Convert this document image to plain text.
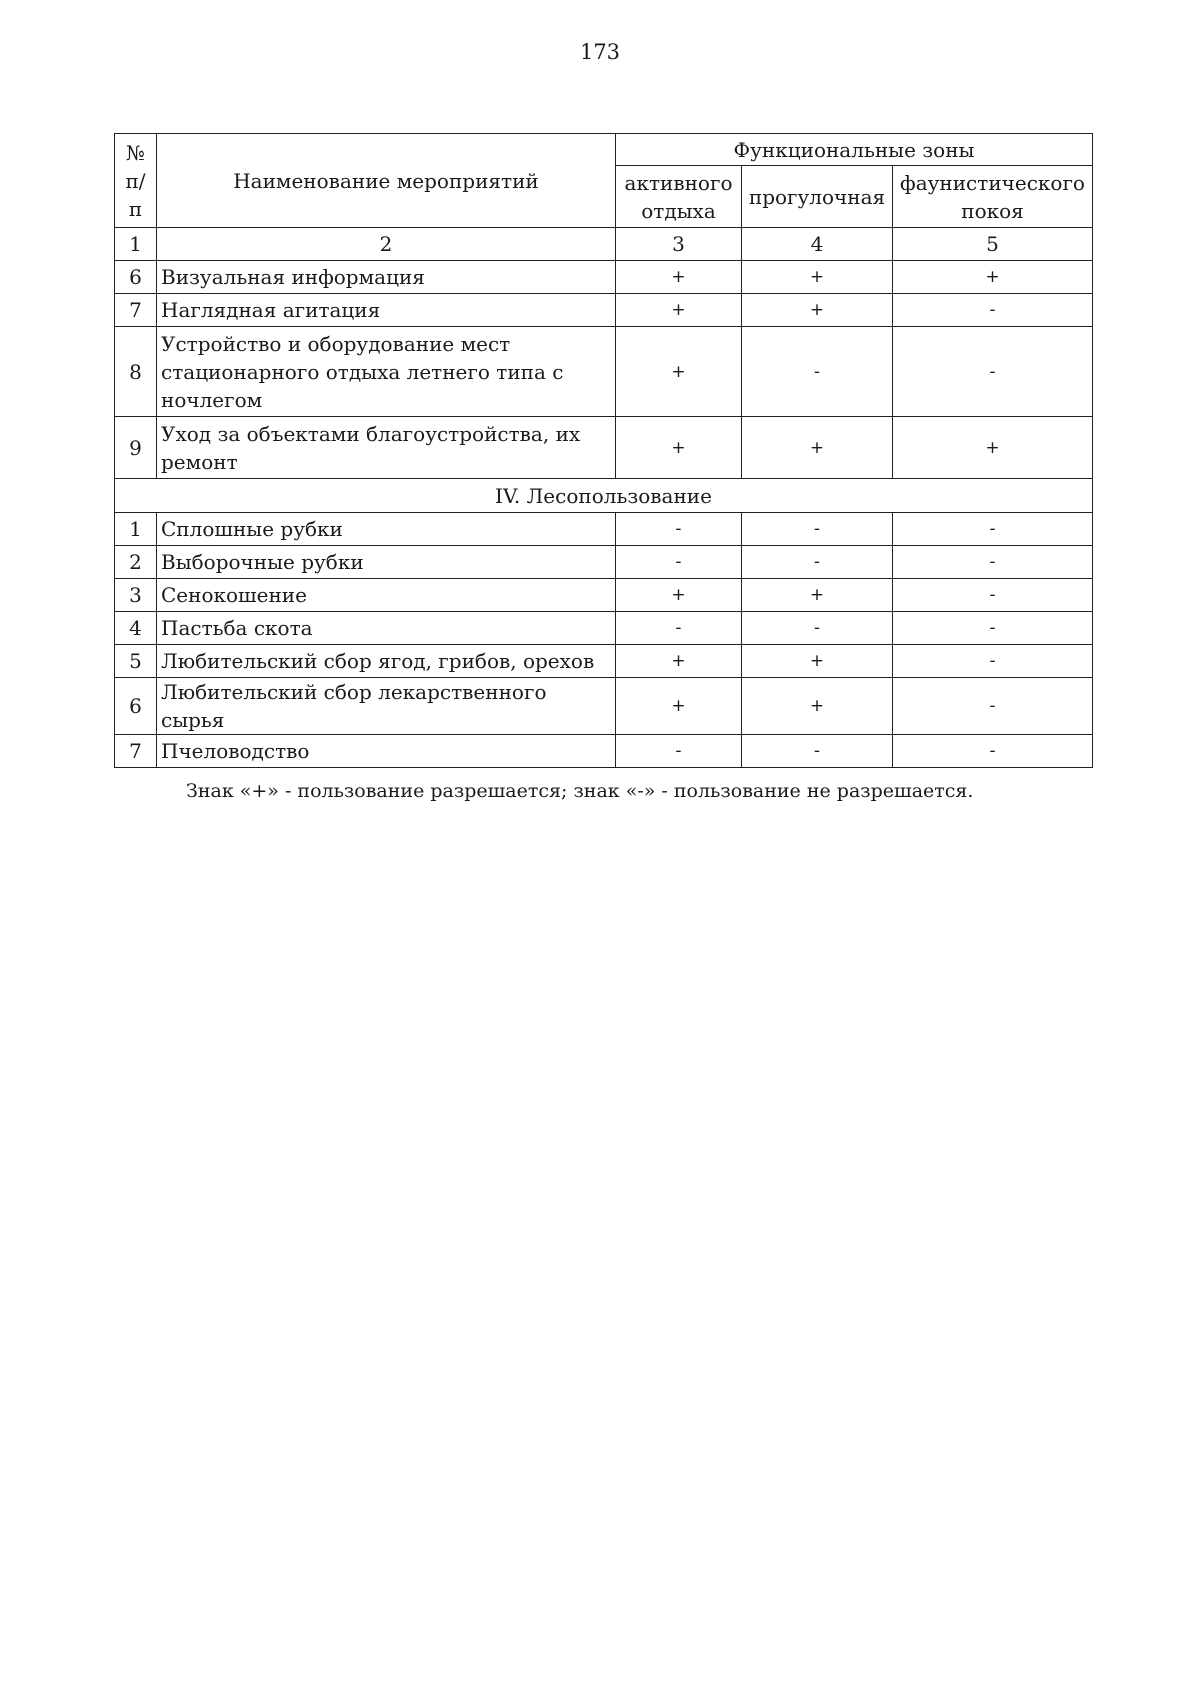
173
№ п/п	Наименование мероприятий	Функциональные зоны		
		активного отдыха	прогулочная	фаунистического покоя
1	2	3	4	5
6	Визуальная информация	+	+	+
7	Наглядная агитация	+	+	-
8	Устройство и оборудование мест стационарного отдыха летнего типа с ночлегом	+	-	-
9	Уход за объектами благоустройства, их ремонт	+	+	+
IV. Лесопользование				
1	Сплошные рубки	-	-	-
2	Выборочные рубки	-	-	-
3	Сенокошение	+	+	-
4	Пастьба скота	-	-	-
5	Любительский сбор ягод, грибов, орехов	+	+	-
6	Любительский сбор лекарственного сырья	+	+	-
7	Пчеловодство	-	-	-
Знак «+» - пользование разрешается; знак «-» - пользование не разрешается.
